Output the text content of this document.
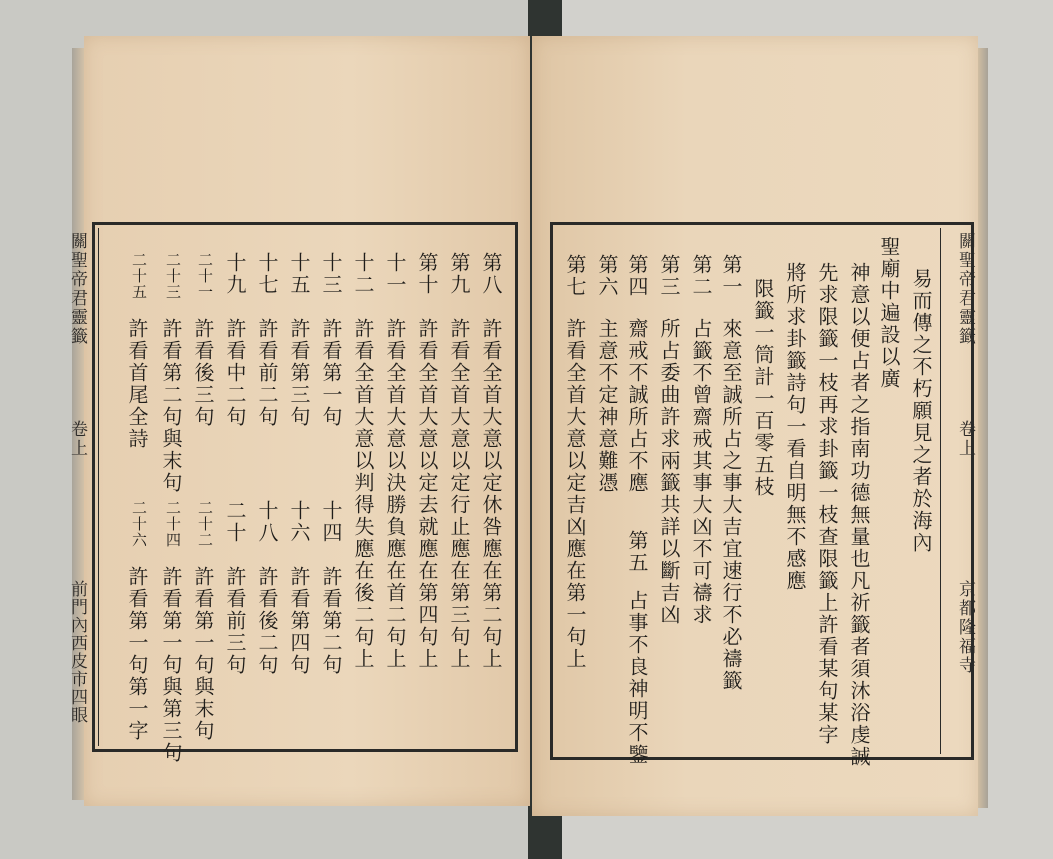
關聖帝君靈籤
卷上
前門內西皮市四眼
關聖帝君靈籤
卷上
京都隆福寺
第八
許看全首大意以定休咎應在第二句上
第九
許看全首大意以定行止應在第三句上
第十
許看全首大意以定去就應在第四句上
十一
許看全首大意以決勝負應在首二句上
十二
許看全首大意以判得失應在後二句上
十三
許看第一句
十四
許看第二句
十五
許看第三句
十六
許看第四句
十七
許看前二句
十八
許看後二句
十九
許看中二句
二十
許看前三句
二十一
許看後三句
二十二
許看第一句與末句
二十三
許看第二句與末句
二十四
許看第一句與第三句
二十五
許看首尾全詩
二十六
許看第一句第一字
易而傳之不朽願見之者於海內
聖廟中遍設以廣
神意以便占者之指南功德無量也凡祈籤者須沐浴虔誠
先求限籤一枝再求卦籤一枝查限籤上許看某句某字
將所求卦籤詩句一看自明無不感應
限籤一筒計一百零五枝
第一
來意至誠所占之事大吉宜速行不必禱籤
第二
占籤不曾齋戒其事大凶不可禱求
第三
所占委曲許求兩籤共詳以斷吉凶
第四
齋戒不誠所占不應
第五
占事不良神明不鑒
第六
主意不定神意難憑
第七
許看全首大意以定吉凶應在第一句上
